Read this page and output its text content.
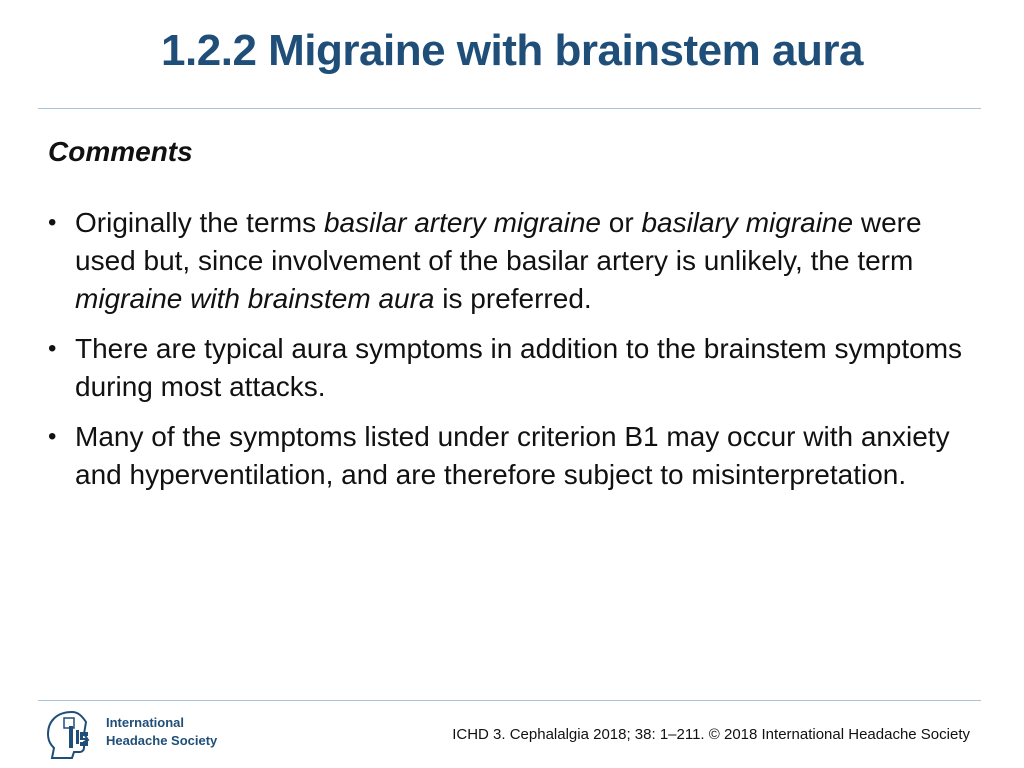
1.2.2 Migraine with brainstem aura
Comments
• Originally the terms basilar artery migraine or basilary migraine were used but, since involvement of the basilar artery is unlikely, the term migraine with brainstem aura is preferred.
• There are typical aura symptoms in addition to the brainstem symptoms during most attacks.
• Many of the symptoms listed under criterion B1 may occur with anxiety and hyperventilation, and are therefore subject to misinterpretation.
International
Headache Society	ICHD 3. Cephalalgia 2018; 38: 1–211. © 2018 International Headache Society
